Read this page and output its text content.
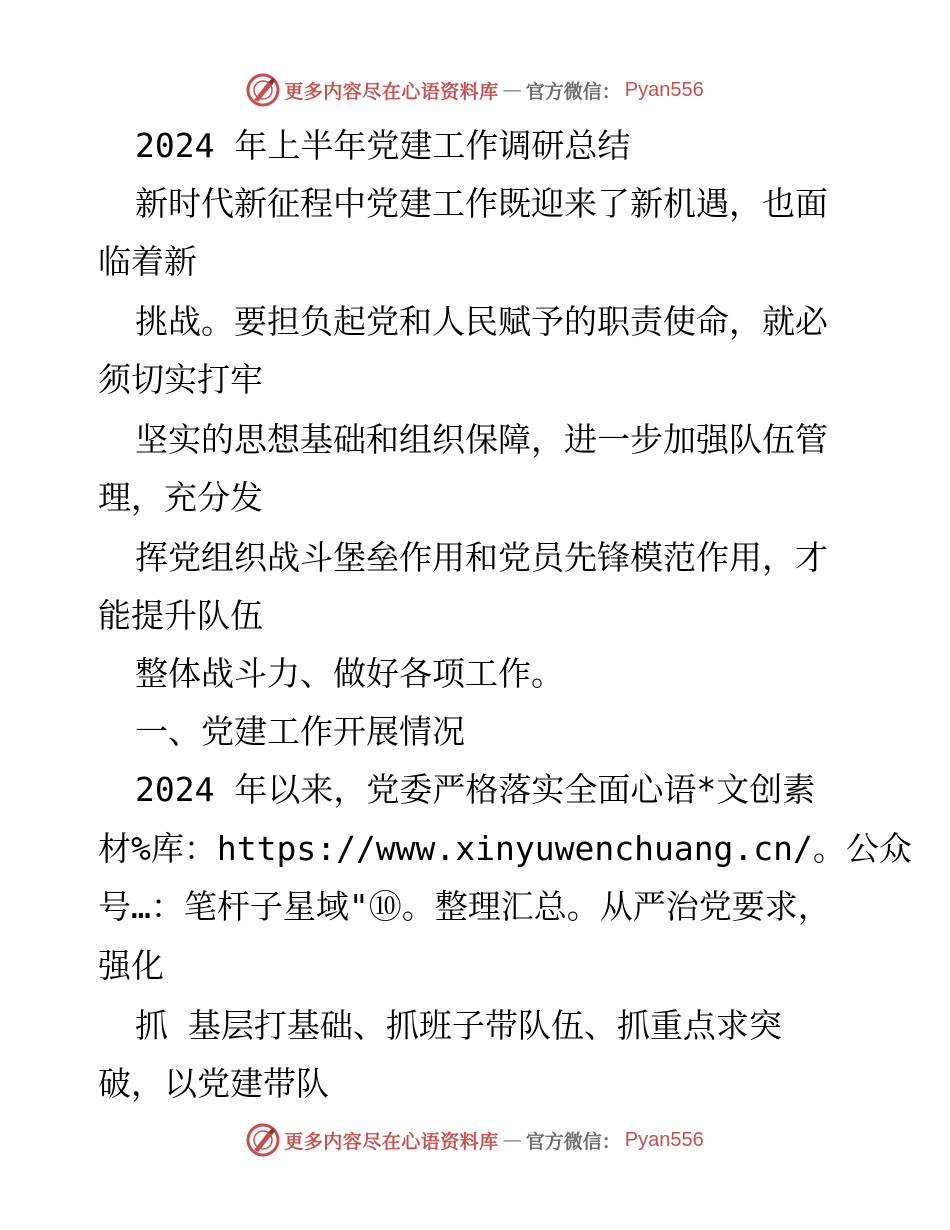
更多内容尽在心语资料库 — 官方微信： Pyan556
2024 年上半年党建工作调研总结
新时代新征程中党建工作既迎来了新机遇，也面
临着新
挑战。要担负起党和人民赋予的职责使命，就必
须切实打牢
坚实的思想基础和组织保障，进一步加强队伍管
理，充分发
挥党组织战斗堡垒作用和党员先锋模范作用，才
能提升队伍
整体战斗力、做好各项工作。
一、党建工作开展情况
2024 年以来，党委严格落实全面心语*文创素
材%库：https://www.xinyuwenchuang.cn/。公众
号…：笔杆子星域"⑩。整理汇总。从严治党要求，
强化
抓 基层打基础、抓班子带队伍、抓重点求突
破，以党建带队
更多内容尽在心语资料库 — 官方微信： Pyan556
